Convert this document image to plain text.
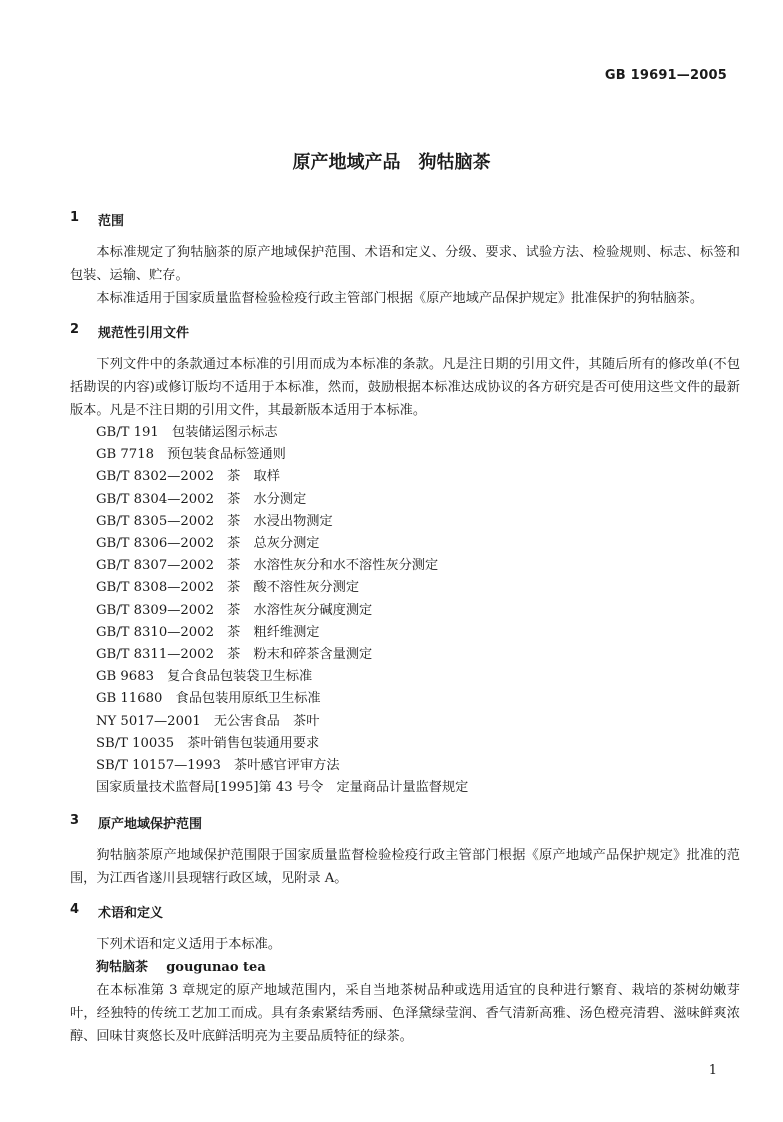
GB 19691—2005
原产地域产品　狗牯脑茶
1	范围

本标准规定了狗牯脑茶的原产地域保护范围、术语和定义、分级、要求、试验方法、检验规则、标志、标签和包装、运输、贮存。

本标准适用于国家质量监督检验检疫行政主管部门根据《原产地域产品保护规定》批准保护的狗牯脑茶。

2	规范性引用文件

下列文件中的条款通过本标准的引用而成为本标准的条款。凡是注日期的引用文件，其随后所有的修改单(不包括勘误的内容)或修订版均不适用于本标准，然而，鼓励根据本标准达成协议的各方研究是否可使用这些文件的最新版本。凡是不注日期的引用文件，其最新版本适用于本标准。

GB/T 191　包装储运图示标志
GB 7718　预包装食品标签通则
GB/T 8302—2002　茶　取样
GB/T 8304—2002　茶　水分测定
GB/T 8305—2002　茶　水浸出物测定
GB/T 8306—2002　茶　总灰分测定
GB/T 8307—2002　茶　水溶性灰分和水不溶性灰分测定
GB/T 8308—2002　茶　酸不溶性灰分测定
GB/T 8309—2002　茶　水溶性灰分碱度测定
GB/T 8310—2002　茶　粗纤维测定
GB/T 8311—2002　茶　粉末和碎茶含量测定
GB 9683　复合食品包装袋卫生标准
GB 11680　食品包装用原纸卫生标准
NY 5017—2001　无公害食品　茶叶
SB/T 10035　茶叶销售包装通用要求
SB/T 10157—1993　茶叶感官评审方法
国家质量技术监督局[1995]第 43 号令　定量商品计量监督规定
3	原产地域保护范围

狗牯脑茶原产地域保护范围限于国家质量监督检验检疫行政主管部门根据《原产地域产品保护规定》批准的范围，为江西省遂川县现辖行政区域，见附录 A。

4	术语和定义

下列术语和定义适用于本标准。

狗牯脑茶 gougunao tea

在本标准第 3 章规定的原产地域范围内，采自当地茶树品种或选用适宜的良种进行繁育、栽培的茶树幼嫩芽叶，经独特的传统工艺加工而成。具有条索紧结秀丽、色泽黛绿莹润、香气清新高雅、汤色橙亮清碧、滋味鲜爽浓醇、回味甘爽悠长及叶底鲜活明亮为主要品质特征的绿茶。

1
